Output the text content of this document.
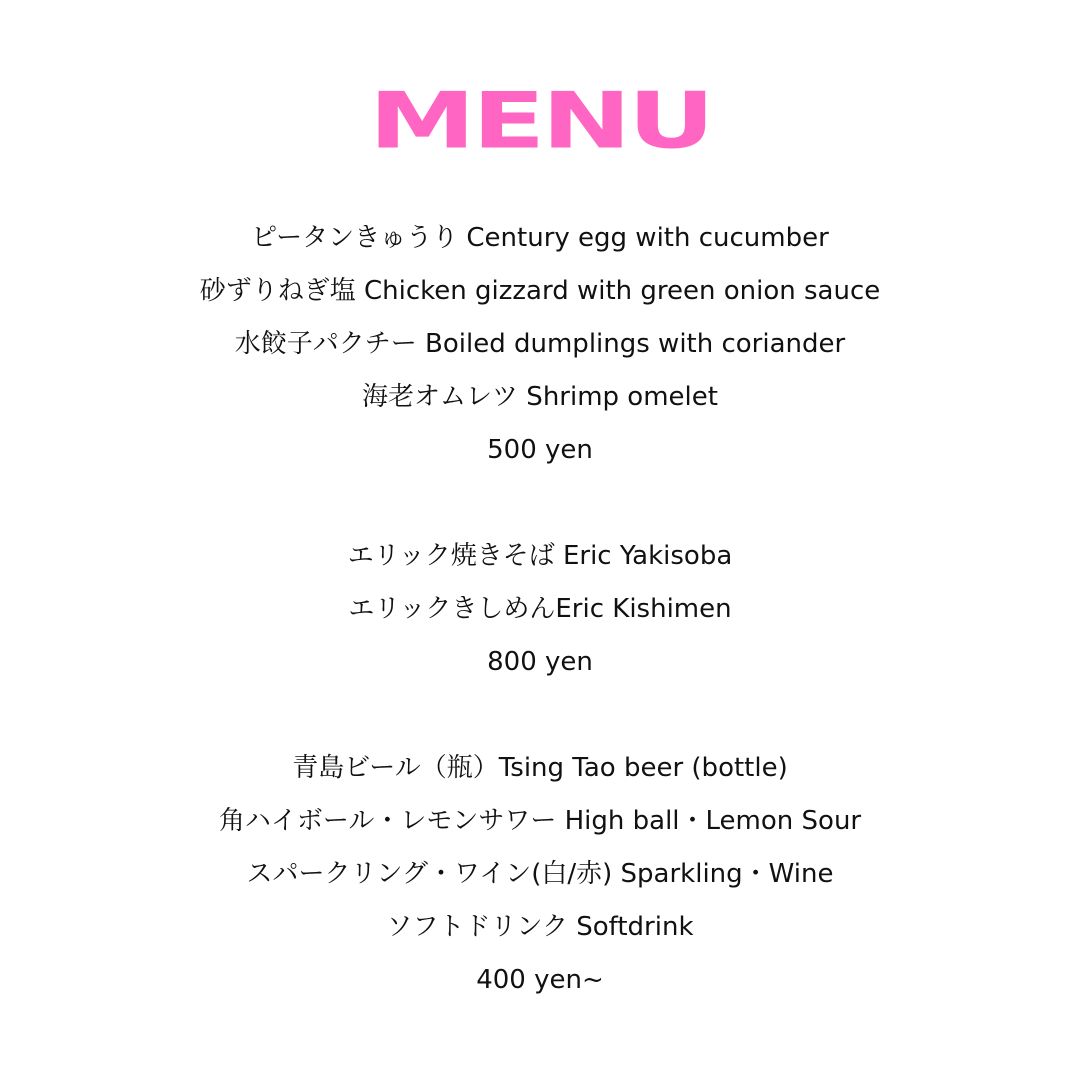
MENU
ピータンきゅうり Century egg with cucumber
砂ずりねぎ塩 Chicken gizzard with green onion sauce
水餃子パクチー Boiled dumplings with coriander
海老オムレツ Shrimp omelet
500 yen
エリック焼きそば Eric Yakisoba
エリックきしめんEric Kishimen
800 yen
青島ビール（瓶）Tsing Tao beer (bottle)
角ハイボール・レモンサワー High ball・Lemon Sour
スパークリング・ワイン(白/赤) Sparkling・Wine
ソフトドリンク Softdrink
400 yen~
